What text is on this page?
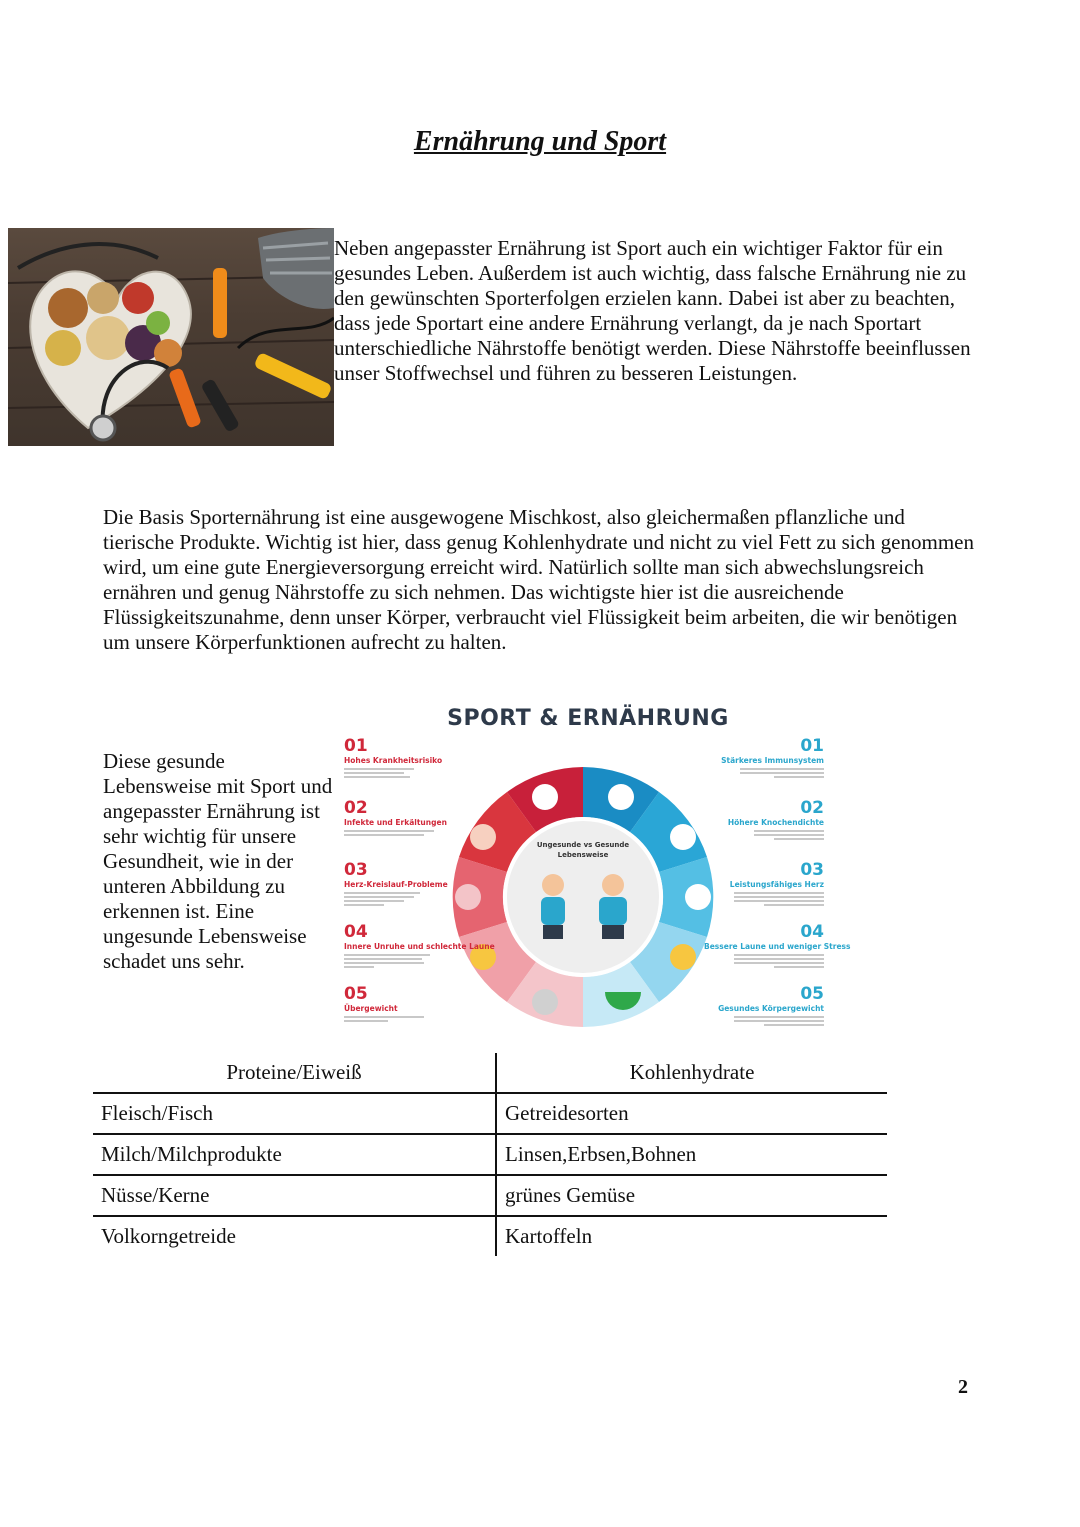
Ernährung und Sport

Neben angepasster Ernährung ist Sport auch ein wichtiger Faktor für ein gesundes Leben. Außerdem ist auch wichtig, dass falsche Ernährung nie zu den gewünschten Sporterfolgen erzielen kann. Dabei ist aber zu beachten, dass jede Sportart eine andere Ernährung verlangt, da je nach Sportart unterschiedliche Nährstoffe benötigt werden. Diese Nährstoffe beeinflussen unser Stoffwechsel und führen zu besseren Leistungen.

Die Basis Sporternährung ist eine ausgewogene Mischkost, also gleichermaßen pflanzliche und tierische Produkte. Wichtig ist hier, dass genug Kohlenhydrate und nicht zu viel Fett zu sich genommen wird, um eine gute Energieversorgung erreicht wird. Natürlich sollte man sich abwechslungsreich ernähren und genug Nährstoffe zu sich nehmen. Das wichtigste hier ist die ausreichende Flüssigkeitszunahme, denn unser Körper, verbraucht viel Flüssigkeit beim arbeiten, die wir benötigen um unsere Körperfunktionen aufrecht zu halten.

Diese gesunde Lebensweise mit Sport und angepasster Ernährung ist sehr wichtig für unsere Gesundheit, wie in der unteren Abbildung zu erkennen ist. Eine ungesunde Lebensweise schadet uns sehr.

SPORT & ERNÄHRUNG
Ungesunde vs Gesunde
Lebensweise
01
Hohes Krankheitsrisiko
02
Infekte und Erkältungen
03
Herz-Kreislauf-Probleme
04
Innere Unruhe und schlechte Laune
05
Übergewicht
01
Stärkeres Immunsystem
02
Höhere Knochendichte
03
Leistungsfähiges Herz
04
Bessere Laune und weniger Stress
05
Gesundes Körpergewicht
Proteine/Eiweiß	Kohlenhydrate
Fleisch/Fisch	Getreidesorten
Milch/Milchprodukte	Linsen,Erbsen,Bohnen
Nüsse/Kerne	grünes Gemüse
Volkorngetreide	Kartoffeln
2
